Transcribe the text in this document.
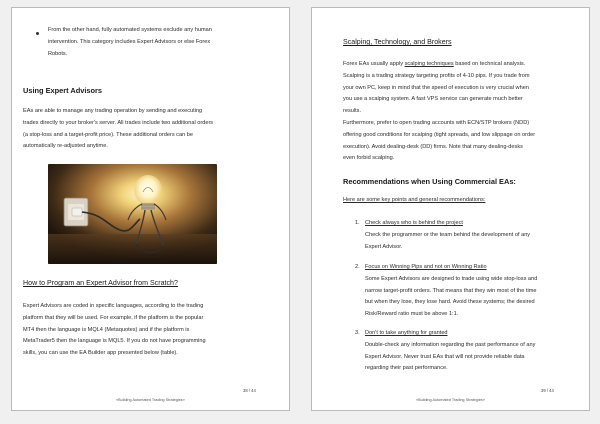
From the other hand, fully automated systems exclude any human
intervention. This category includes Expert Advisors or else Forex
Robots.
Using Expert Advisors
EAs are able to manage any trading operation by sending and executing
trades directly to your broker's server. All trades include two additional orders
(a stop-loss and a target-profit price). These additional orders can be
automatically re-adjusted anytime.
How to Program an Expert Advisor from Scratch?
Expert Advisors are coded in specific languages, according to the trading
platform that they will be used. For example, if the platform is the popular
MT4 then the language is MQL4 (Metaquotes) and if the platform is
MetaTrader5 then the language is MQL5. If you do not have programming
skills, you can use the EA Builder app presented below (table).
38 / 44
«Building Automated Trading Strategies»
Scalping, Technology, and Brokers
Forex EAs usually apply scalping techniques based on technical analysis.
Scalping is a trading strategy targeting profits of 4-10 pips. If you trade from
your own PC, keep in mind that the speed of execution is very crucial when
you use a scalping system. A fast VPS service can generate much better
results.
Furthermore, prefer to open trading accounts with ECN/STP brokers (NDD)
offering good conditions for scalping (tight spreads, and low slippage on order
execution). Avoid dealing-desk (DD) firms. Note that many dealing-desks
even forbid scalping.
Recommendations when Using Commercial EAs:
Here are some key points and general recommendations:
1. Check always who is behind the project
Check the programmer or the team behind the development of any
Expert Advisor.
2. Focus on Winning Pips and not on Winning Ratio
Some Expert Advisors are designed to trade using wide stop-loss and
narrow target-profit orders. That means that they win most of the time
but when they lose, they lose hard. Avoid these systems; the desired
Risk/Reward ratio must be above 1:1.
3. Don't to take anything for granted
Double-check any information regarding the past performance of any
Expert Advisor. Never trust EAs that will not provide reliable data
regarding their past performance.
39 / 44
«Building Automated Trading Strategies»
